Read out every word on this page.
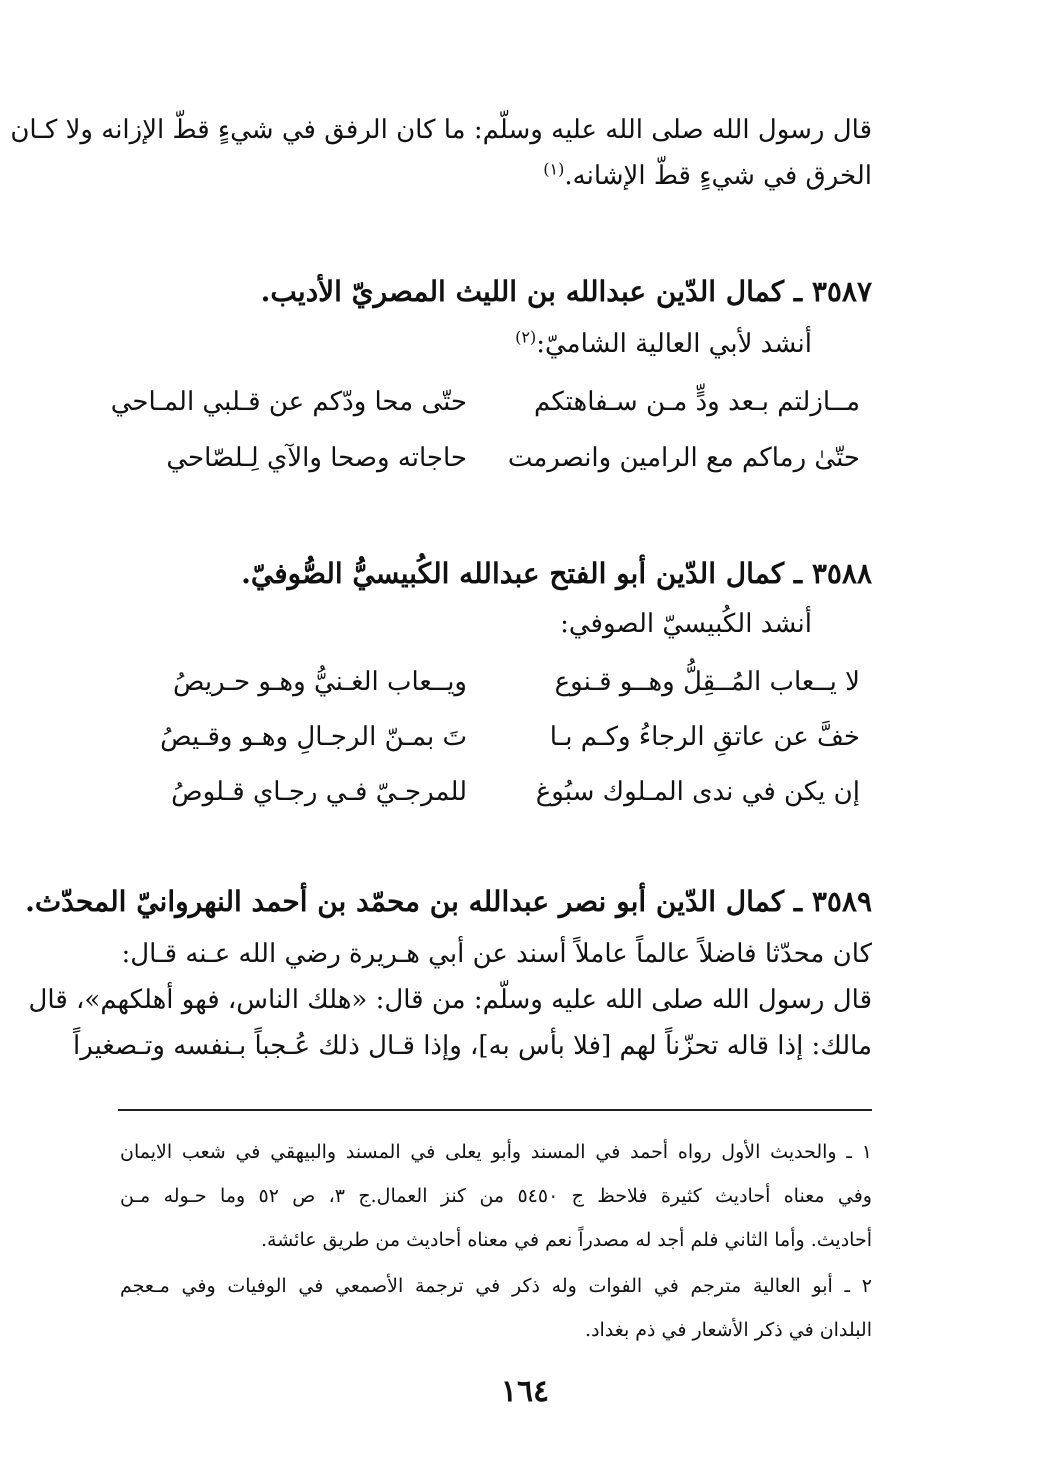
قال رسول الله صلى الله عليه وسلّم: ما كان الرفق في شيءٍ قطّ الإزانه ولا كـان
الخرق في شيءٍ قطّ الإشانه.$^{(١)}$
٣٥٨٧ ـ كمال الدّين عبدالله بن الليث المصريّ الأديب.
أنشد لأبي العالية الشاميّ:$^{(٢)}$
مــازلتم بـعد ودٍّ مـن سـفاهتكم
حتّى محا ودّكم عن قـلبي المـاحي
حتّىٰ رماكم مع الرامين وانصرمت
حاجاته وصحا والآي لِـلصّاحي
٣٥٨٨ ـ كمال الدّين أبو الفتح عبدالله الكُبيسيُّ الصُّوفيّ.
أنشد الكُبيسيّ الصوفي:
لا يــعاب المُــقِلُّ وهــو قـنوع
ويــعاب الغـنيُّ وهـو حـريصُ
خفَّ عن عاتقِ الرجاءُ وكـم بـا
تَ بمـنّ الرجـالِ وهـو وقـيصُ
إن يكن في ندى المـلوك سبُوغ
للمرجـيّ فـي رجـاي قـلوصُ
٣٥٨٩ ـ كمال الدّين أبو نصر عبدالله بن محمّد بن أحمد النهروانيّ المحدّث.
كان محدّثا فاضلاً عالماً عاملاً أسند عن أبي هـريرة رضي الله عـنه قـال:
قال رسول الله صلى الله عليه وسلّم: من قال: «هلك الناس، فهو أهلكهم»، قال
مالك: إذا قاله تحزّناً لهم [فلا بأس به]، وإذا قـال ذلك عُـجباً بـنفسه وتـصغيراً
١ ـ والحديث الأول رواه أحمد في المسند وأبو يعلى في المسند والبيهقي في شعب الايمان
وفي معناه أحاديث كثيرة فلاحظ ج ٥٤٥٠ من كنز العمال.ج ٣، ص ٥٢ وما حـوله مـن
أحاديث. وأما الثاني فلم أجد له مصدراً نعم في معناه أحاديث من طريق عائشة.
٢ ـ أبو العالية مترجم في الفوات وله ذكر في ترجمة الأصمعي في الوفيات وفي مـعجم
البلدان في ذكر الأشعار في ذم بغداد.
١٦٤
